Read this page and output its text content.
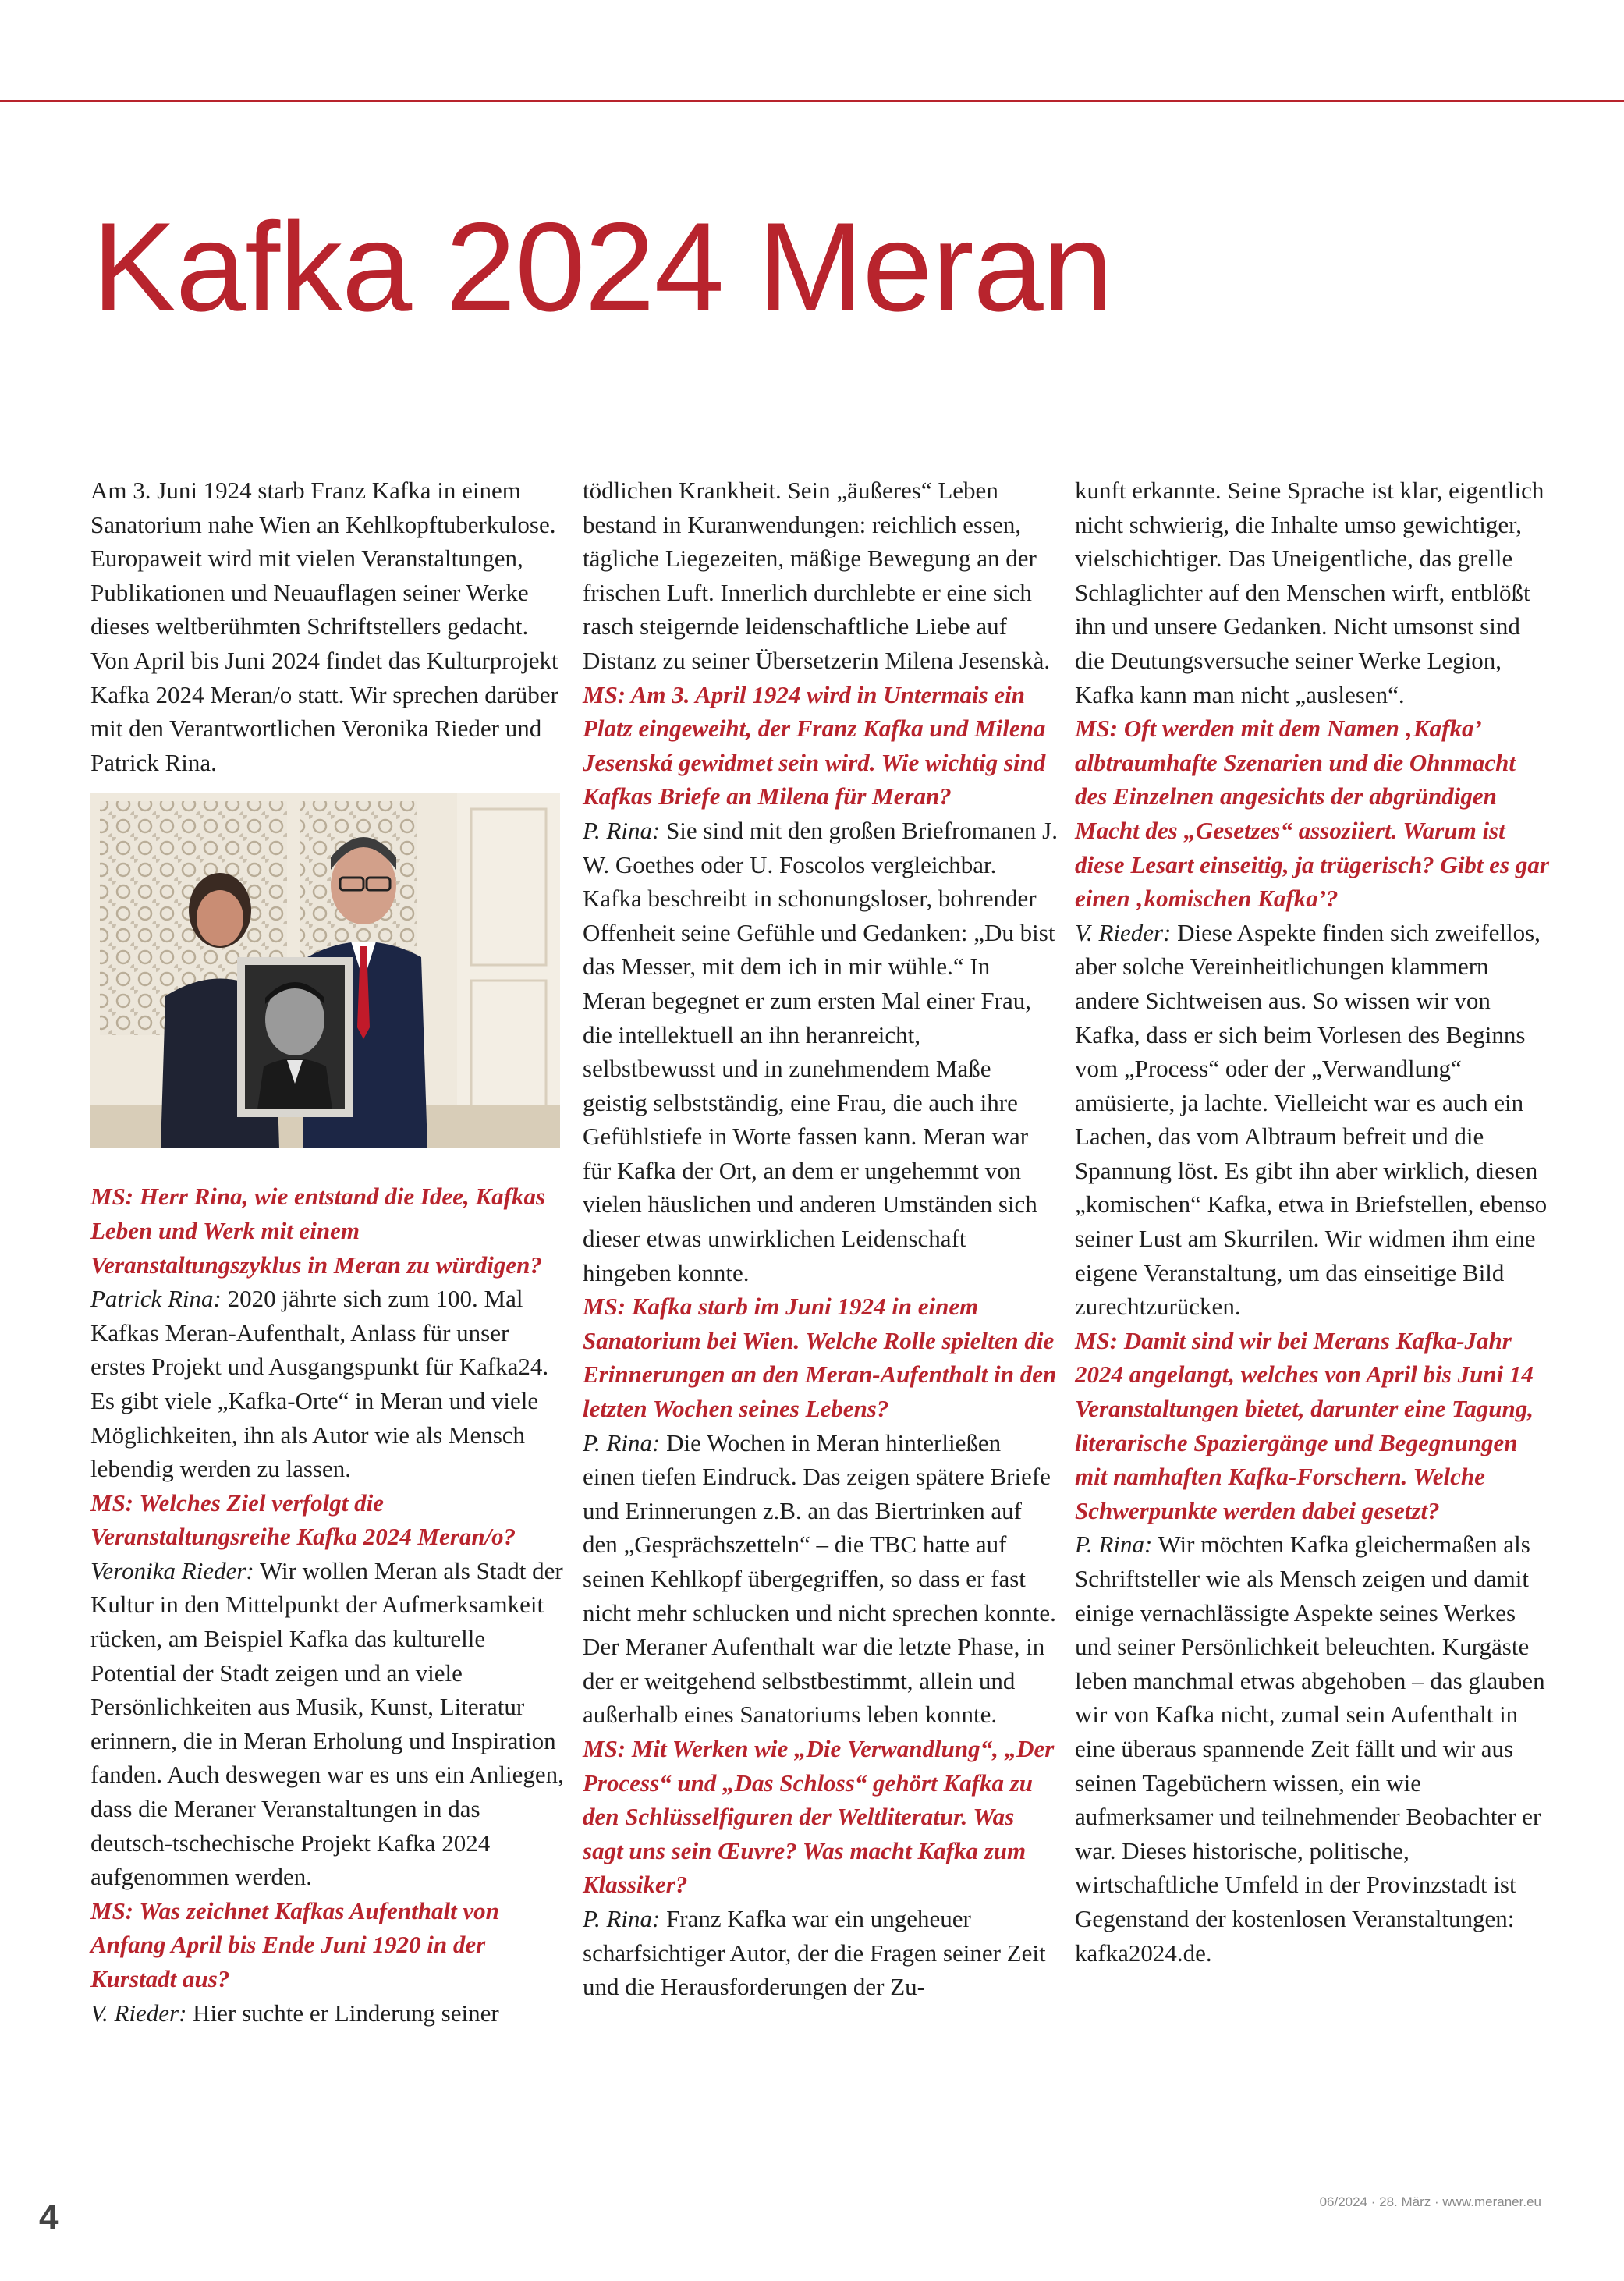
Kafka 2024 Meran

Am 3. Juni 1924 starb Franz Kafka in einem Sanatorium nahe Wien an Kehlkopftuberkulose. Europaweit wird mit vielen Veranstaltungen, Publikationen und Neuauflagen seiner Werke dieses weltberühmten Schriftstellers gedacht. Von April bis Juni 2024 findet das Kulturprojekt Kafka 2024 Meran/o statt. Wir sprechen darüber mit den Verantwortlichen Veronika Rieder und Patrick Rina.

MS: Herr Rina, wie entstand die Idee, Kafkas Leben und Werk mit einem Veranstaltungszyklus in Meran zu würdigen?

Patrick Rina: 2020 jährte sich zum 100. Mal Kafkas Meran-Aufenthalt, Anlass für unser erstes Projekt und Ausgangspunkt für Kafka24. Es gibt viele „Kafka-Orte“ in Meran und viele Möglichkeiten, ihn als Autor wie als Mensch lebendig werden zu lassen.

MS: Welches Ziel verfolgt die Veranstaltungsreihe Kafka 2024 Meran/o?

Veronika Rieder: Wir wollen Meran als Stadt der Kultur in den Mittelpunkt der Aufmerksamkeit rücken, am Beispiel Kafka das kulturelle Potential der Stadt zeigen und an viele Persönlichkeiten aus Musik, Kunst, Literatur erinnern, die in Meran Erholung und Inspiration fanden. Auch deswegen war es uns ein Anliegen, dass die Meraner Veranstaltungen in das deutsch-tschechische Projekt Kafka 2024 aufgenommen werden.

MS: Was zeichnet Kafkas Aufenthalt von Anfang April bis Ende Juni 1920 in der Kurstadt aus?

V. Rieder: Hier suchte er Linderung seiner

tödlichen Krankheit. Sein „äußeres“ Leben bestand in Kuranwendungen: reichlich essen, tägliche Liegezeiten, mäßige Bewegung an der frischen Luft. Innerlich durchlebte er eine sich rasch steigernde leidenschaftliche Liebe auf Distanz zu seiner Übersetzerin Milena Jesenskà.

MS: Am 3. April 1924 wird in Untermais ein Platz eingeweiht, der Franz Kafka und Milena Jesenská gewidmet sein wird. Wie wichtig sind Kafkas Briefe an Milena für Meran?

P. Rina: Sie sind mit den großen Briefromanen J. W. Goethes oder U. Foscolos vergleichbar. Kafka beschreibt in schonungsloser, bohrender Offenheit seine Gefühle und Gedanken: „Du bist das Messer, mit dem ich in mir wühle.“ In Meran begegnet er zum ersten Mal einer Frau, die intellektuell an ihn heranreicht, selbstbewusst und in zunehmendem Maße geistig selbstständig, eine Frau, die auch ihre Gefühlstiefe in Worte fassen kann. Meran war für Kafka der Ort, an dem er ungehemmt von vielen häuslichen und anderen Umständen sich dieser etwas unwirklichen Leidenschaft hingeben konnte.

MS: Kafka starb im Juni 1924 in einem Sanatorium bei Wien. Welche Rolle spielten die Erinnerungen an den Meran-Aufenthalt in den letzten Wochen seines Lebens?

P. Rina: Die Wochen in Meran hinterließen einen tiefen Eindruck. Das zeigen spätere Briefe und Erinnerungen z.B. an das Biertrinken auf den „Gesprächszetteln“ – die TBC hatte auf seinen Kehlkopf übergegriffen, so dass er fast nicht mehr schlucken und nicht sprechen konnte. Der Meraner Aufenthalt war die letzte Phase, in der er weitgehend selbstbestimmt, allein und außerhalb eines Sanatoriums leben konnte.

MS: Mit Werken wie „Die Verwandlung“, „Der Process“ und „Das Schloss“ gehört Kafka zu den Schlüsselfiguren der Weltliteratur. Was sagt uns sein Œuvre? Was macht Kafka zum Klassiker?

P. Rina: Franz Kafka war ein ungeheuer scharfsichtiger Autor, der die Fragen seiner Zeit und die Herausforderungen der Zu-

kunft erkannte. Seine Sprache ist klar, eigentlich nicht schwierig, die Inhalte umso gewichtiger, vielschichtiger. Das Uneigentliche, das grelle Schlaglichter auf den Menschen wirft, entblößt ihn und unsere Gedanken. Nicht umsonst sind die Deutungsversuche seiner Werke Legion, Kafka kann man nicht „auslesen“.

MS: Oft werden mit dem Namen ‚Kafka’ albtraumhafte Szenarien und die Ohnmacht des Einzelnen angesichts der abgründigen Macht des „Gesetzes“ assoziiert. Warum ist diese Lesart einseitig, ja trügerisch? Gibt es gar einen ‚komischen Kafka’?

V. Rieder: Diese Aspekte finden sich zweifellos, aber solche Vereinheitlichungen klammern andere Sichtweisen aus. So wissen wir von Kafka, dass er sich beim Vorlesen des Beginns vom „Process“ oder der „Verwandlung“ amüsierte, ja lachte. Vielleicht war es auch ein Lachen, das vom Albtraum befreit und die Spannung löst. Es gibt ihn aber wirklich, diesen „komischen“ Kafka, etwa in Briefstellen, ebenso seiner Lust am Skurrilen. Wir widmen ihm eine eigene Veranstaltung, um das einseitige Bild zurechtzurücken.

MS: Damit sind wir bei Merans Kafka-Jahr 2024 angelangt, welches von April bis Juni 14 Veranstaltungen bietet, darunter eine Tagung, literarische Spaziergänge und Begegnungen mit namhaften Kafka-Forschern. Welche Schwerpunkte werden dabei gesetzt?

P. Rina: Wir möchten Kafka gleichermaßen als Schriftsteller wie als Mensch zeigen und damit einige vernachlässigte Aspekte seines Werkes und seiner Persönlichkeit beleuchten. Kurgäste leben manchmal etwas abgehoben – das glauben wir von Kafka nicht, zumal sein Aufenthalt in eine überaus spannende Zeit fällt und wir aus seinen Tagebüchern wissen, ein wie aufmerksamer und teilnehmender Beobachter er war. Dieses historische, politische, wirtschaftliche Umfeld in der Provinzstadt ist Gegenstand der kostenlosen Veranstaltungen: kafka2024.de.

4	06/2024 · 28. März · www.meraner.eu
